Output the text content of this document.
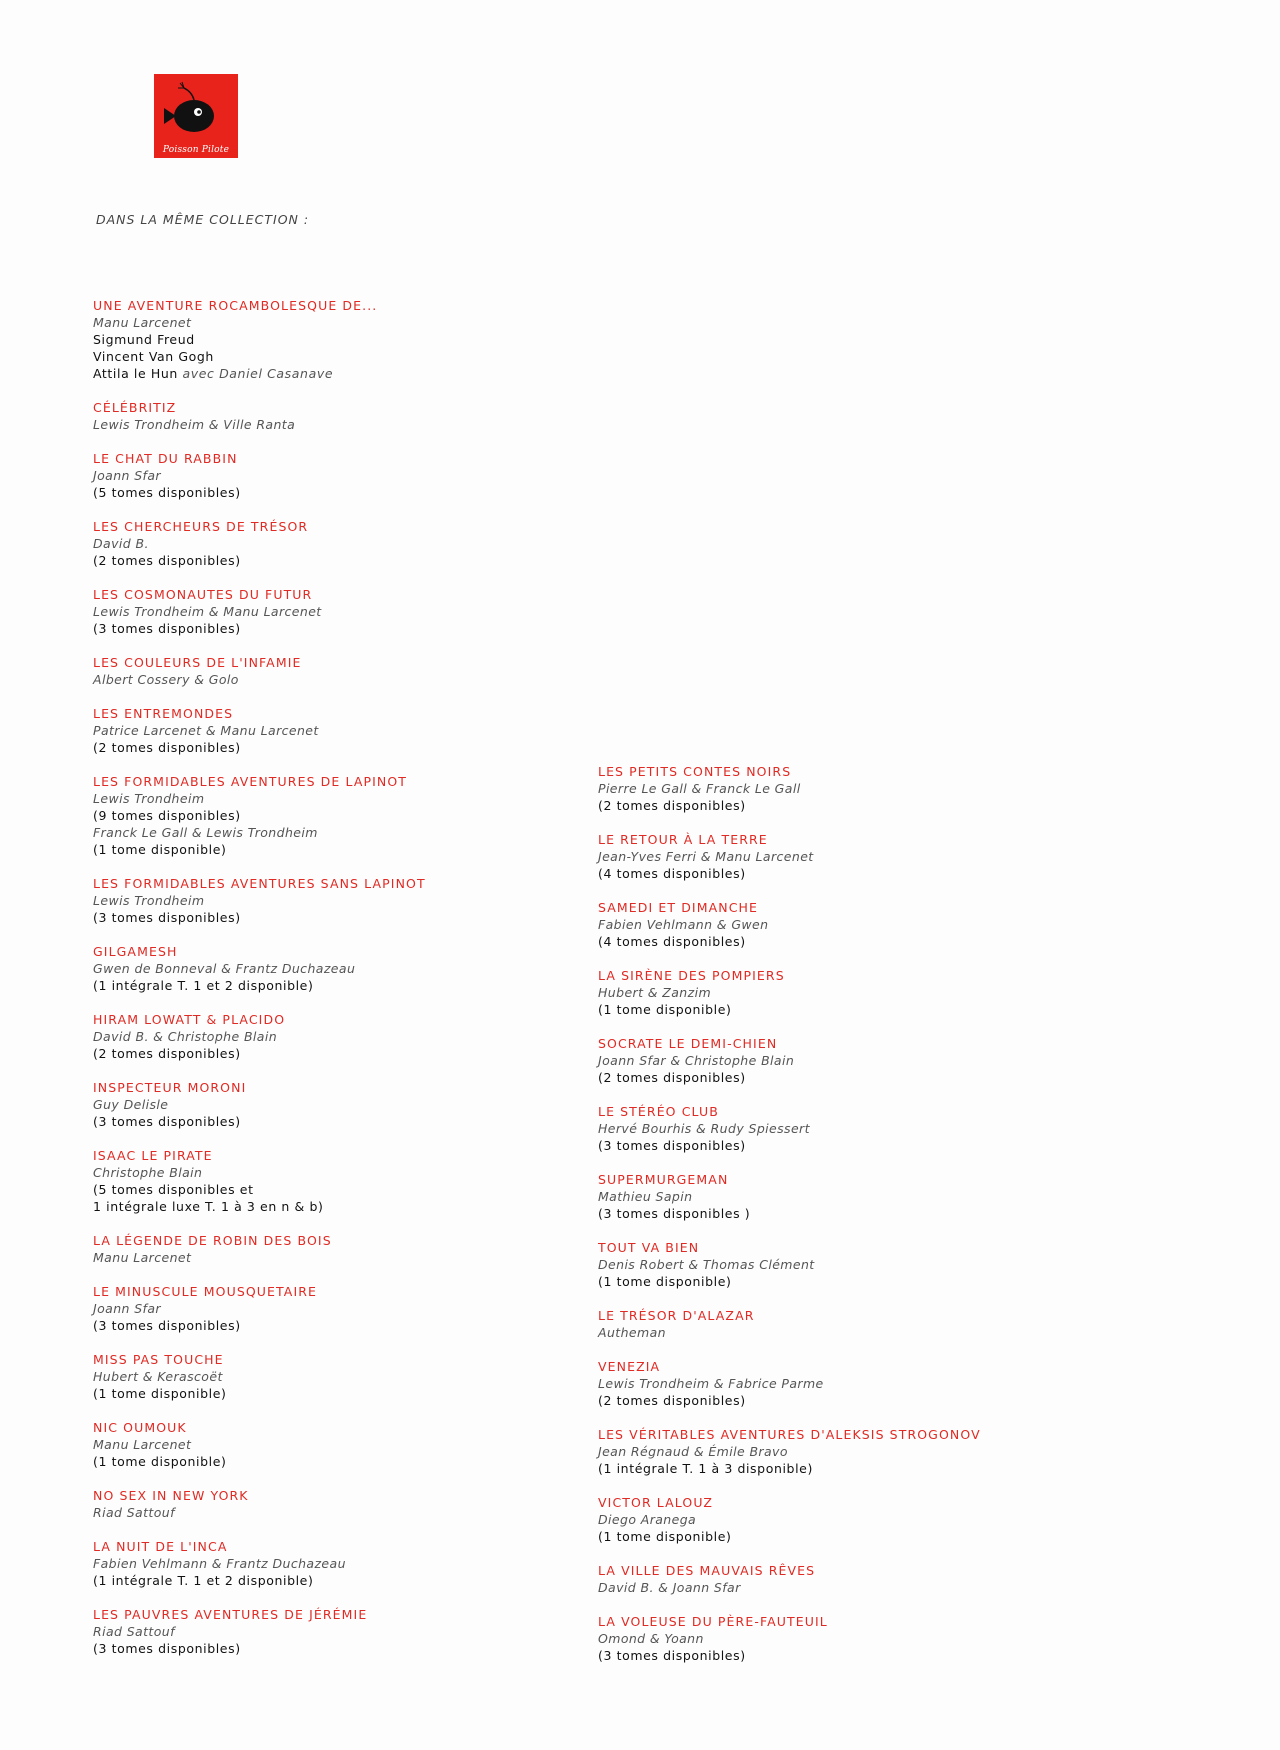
Poisson Pilote
DANS LA MÊME COLLECTION :
UNE AVENTURE ROCAMBOLESQUE DE...
Manu Larcenet
Sigmund Freud
Vincent Van Gogh
Attila le Hun avec Daniel Casanave
CÉLÉBRITIZ
Lewis Trondheim & Ville Ranta
LE CHAT DU RABBIN
Joann Sfar
(5 tomes disponibles)
LES CHERCHEURS DE TRÉSOR
David B.
(2 tomes disponibles)
LES COSMONAUTES DU FUTUR
Lewis Trondheim & Manu Larcenet
(3 tomes disponibles)
LES COULEURS DE L'INFAMIE
Albert Cossery & Golo
LES ENTREMONDES
Patrice Larcenet & Manu Larcenet
(2 tomes disponibles)
LES FORMIDABLES AVENTURES DE LAPINOT
Lewis Trondheim
(9 tomes disponibles)
Franck Le Gall & Lewis Trondheim
(1 tome disponible)
LES FORMIDABLES AVENTURES SANS LAPINOT
Lewis Trondheim
(3 tomes disponibles)
GILGAMESH
Gwen de Bonneval & Frantz Duchazeau
(1 intégrale T. 1 et 2 disponible)
HIRAM LOWATT & PLACIDO
David B. & Christophe Blain
(2 tomes disponibles)
INSPECTEUR MORONI
Guy Delisle
(3 tomes disponibles)
ISAAC LE PIRATE
Christophe Blain
(5 tomes disponibles et
1 intégrale luxe T. 1 à 3 en n & b)
LA LÉGENDE DE ROBIN DES BOIS
Manu Larcenet
LE MINUSCULE MOUSQUETAIRE
Joann Sfar
(3 tomes disponibles)
MISS PAS TOUCHE
Hubert & Kerascoët
(1 tome disponible)
NIC OUMOUK
Manu Larcenet
(1 tome disponible)
NO SEX IN NEW YORK
Riad Sattouf
LA NUIT DE L'INCA
Fabien Vehlmann & Frantz Duchazeau
(1 intégrale T. 1 et 2 disponible)
LES PAUVRES AVENTURES DE JÉRÉMIE
Riad Sattouf
(3 tomes disponibles)
LES PETITS CONTES NOIRS
Pierre Le Gall & Franck Le Gall
(2 tomes disponibles)
LE RETOUR À LA TERRE
Jean-Yves Ferri & Manu Larcenet
(4 tomes disponibles)
SAMEDI ET DIMANCHE
Fabien Vehlmann & Gwen
(4 tomes disponibles)
LA SIRÈNE DES POMPIERS
Hubert & Zanzim
(1 tome disponible)
SOCRATE LE DEMI-CHIEN
Joann Sfar & Christophe Blain
(2 tomes disponibles)
LE STÉRÉO CLUB
Hervé Bourhis & Rudy Spiessert
(3 tomes disponibles)
SUPERMURGEMAN
Mathieu Sapin
(3 tomes disponibles )
TOUT VA BIEN
Denis Robert & Thomas Clément
(1 tome disponible)
LE TRÉSOR D'ALAZAR
Autheman
VENEZIA
Lewis Trondheim & Fabrice Parme
(2 tomes disponibles)
LES VÉRITABLES AVENTURES D'ALEKSIS STROGONOV
Jean Régnaud & Émile Bravo
(1 intégrale T. 1 à 3 disponible)
VICTOR LALOUZ
Diego Aranega
(1 tome disponible)
LA VILLE DES MAUVAIS RÊVES
David B. & Joann Sfar
LA VOLEUSE DU PÈRE-FAUTEUIL
Omond & Yoann
(3 tomes disponibles)
